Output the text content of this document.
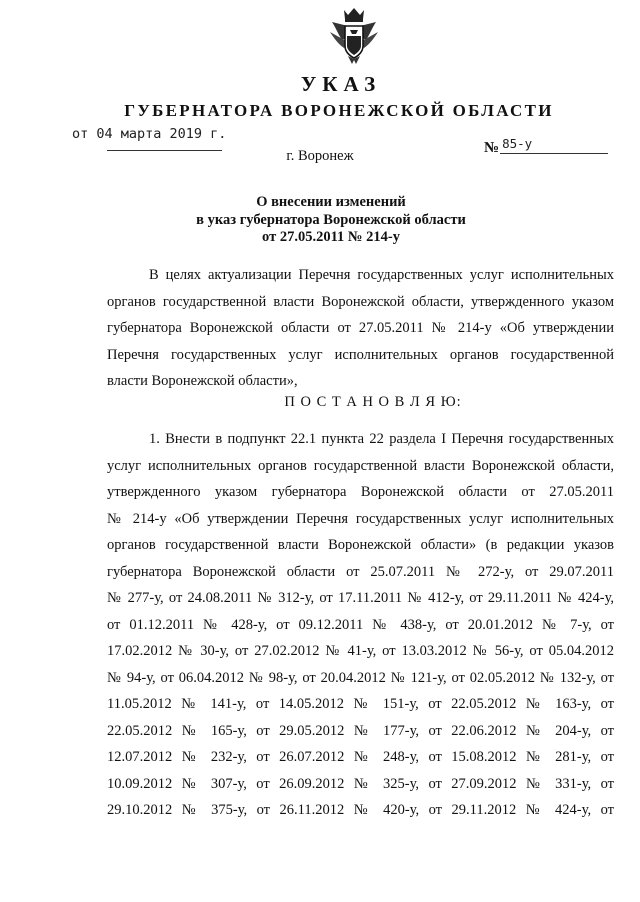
УКАЗ
ГУБЕРНАТОРА ВОРОНЕЖСКОЙ ОБЛАСТИ
от 04 марта 2019 г.
№ 85-у
г. Воронеж
О внесении изменений
в указ губернатора Воронежской области
от 27.05.2011 № 214-у
В целях актуализации Перечня государственных услуг исполнительных
органов государственной власти Воронежской области, утвержденного указом
губернатора Воронежской области от 27.05.2011 № 214-у «Об утверждении
Перечня государственных услуг исполнительных органов государственной
власти Воронежской области»,
П О С Т А Н О В Л Я Ю:
1. Внести в подпункт 22.1 пункта 22 раздела I Перечня государственных
услуг исполнительных органов государственной власти Воронежской области,
утвержденного указом губернатора Воронежской области от 27.05.2011
№ 214-у «Об утверждении Перечня государственных услуг исполнительных
органов государственной власти Воронежской области» (в редакции указов
губернатора Воронежской области от 25.07.2011 № 272-у, от 29.07.2011
№ 277-у, от 24.08.2011 № 312-у, от 17.11.2011 № 412-у, от 29.11.2011 № 424-у,
от 01.12.2011 № 428-у, от 09.12.2011 № 438-у, от 20.01.2012 № 7-у, от
17.02.2012 № 30-у, от 27.02.2012 № 41-у, от 13.03.2012 № 56-у, от 05.04.2012
№ 94-у, от 06.04.2012 № 98-у, от 20.04.2012 № 121-у, от 02.05.2012 № 132-у, от
11.05.2012 № 141-у, от 14.05.2012 № 151-у, от 22.05.2012 № 163-у, от
22.05.2012 № 165-у, от 29.05.2012 № 177-у, от 22.06.2012 № 204-у, от
12.07.2012 № 232-у, от 26.07.2012 № 248-у, от 15.08.2012 № 281-у, от
10.09.2012 № 307-у, от 26.09.2012 № 325-у, от 27.09.2012 № 331-у, от
29.10.2012 № 375-у, от 26.11.2012 № 420-у, от 29.11.2012 № 424-у, от
